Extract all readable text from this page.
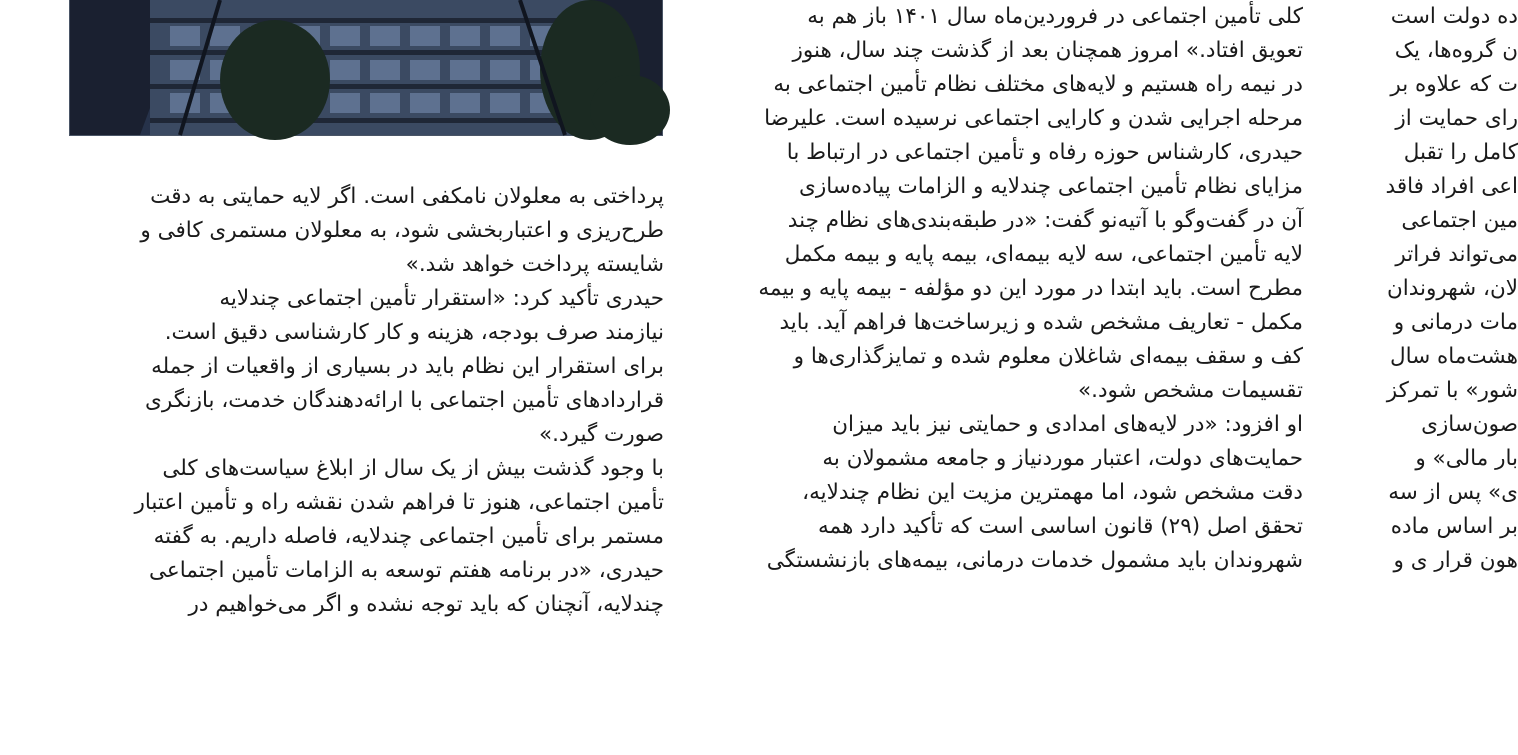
پرداختی به معلولان نامکفی است. اگر لایه حمایتی به دقت
طرح‌ریزی و اعتباربخشی شود، به معلولان مستمری کافی و
شایسته پرداخت خواهد شد.»
حیدری تأکید کرد: «استقرار تأمین اجتماعی چندلایه
نیازمند صرف بودجه، هزینه و کار کارشناسی دقیق است.
برای استقرار این نظام باید در بسیاری از واقعیات از جمله
قراردادهای تأمین اجتماعی با ارائه‌دهندگان خدمت، بازنگری
صورت گیرد.»
با وجود گذشت بیش از یک سال از ابلاغ سیاست‌های کلی
تأمین اجتماعی، هنوز تا فراهم شدن نقشه راه و تأمین اعتبار
مستمر برای تأمین اجتماعی چندلایه، فاصله داریم. به گفته
حیدری، «در برنامه هفتم توسعه به الزامات تأمین اجتماعی
چندلایه، آنچنان که باید توجه نشده و اگر می‌خواهیم در
کلی تأمین اجتماعی در فروردین‌ماه سال ۱۴۰۱ باز هم به
تعویق افتاد.» امروز همچنان بعد از گذشت چند سال، هنوز
در نیمه راه هستیم و لایه‌های مختلف نظام تأمین اجتماعی به
مرحله اجرایی شدن و کارایی اجتماعی نرسیده است. علیرضا
حیدری، کارشناس حوزه رفاه و تأمین اجتماعی در ارتباط با
مزایای نظام تأمین اجتماعی چندلایه و الزامات پیاده‌سازی
آن در گفت‌وگو با آتیه‌نو گفت: «در طبقه‌بندی‌های نظام چند
لایه تأمین اجتماعی، سه لایه بیمه‌ای، بیمه پایه و بیمه مکمل
مطرح است. باید ابتدا در مورد این دو مؤلفه - بیمه پایه و بیمه
مکمل - تعاریف مشخص شده و زیرساخت‌ها فراهم آید. باید
کف و سقف بیمه‌ای شاغلان معلوم شده و تمایزگذاری‌ها و
تقسیمات مشخص شود.»
او افزود: «در لایه‌های امدادی و حمایتی نیز باید میزان
حمایت‌های دولت، اعتبار موردنیاز و جامعه مشمولان به
دقت مشخص شود، اما مهمترین مزیت این نظام چندلایه،
تحقق اصل (۲۹) قانون اساسی است که تأکید دارد همه
شهروندان باید مشمول خدمات درمانی، بیمه‌های بازنشستگی
ده دولت است
ن گروه‌ها، یک
ت که علاوه بر
رای حمایت از
کامل را تقبل
اعی افراد فاقد
مین اجتماعی
می‌تواند فراتر
لان، شهروندان
مات درمانی و
هشت‌ماه سال
شور» با تمرکز
صون‌سازی
بار مالی» و
ی» پس از سه
بر اساس ماده
هون‌ قرار ی و
